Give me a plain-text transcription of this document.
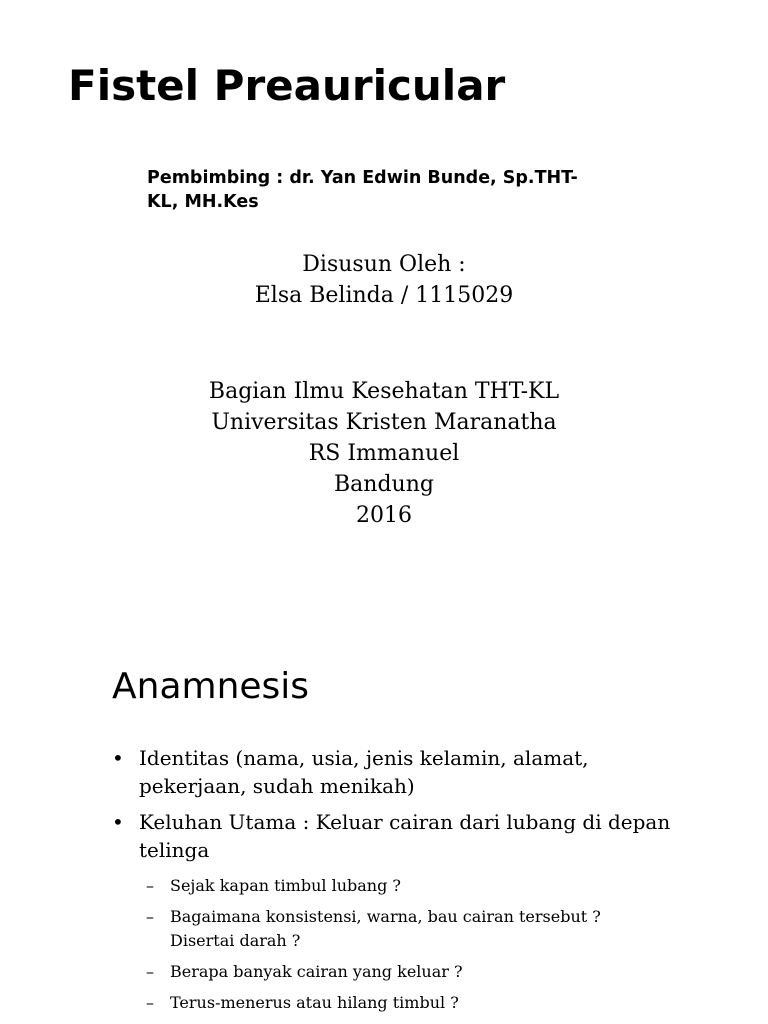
Fistel Preauricular

Pembimbing : dr. Yan Edwin Bunde, Sp.THT-
KL, MH.Kes

Disusun Oleh :
Elsa Belinda / 1115029
Bagian Ilmu Kesehatan THT-KL
Universitas Kristen Maranatha
RS Immanuel
Bandung
2016
Anamnesis
• Identitas (nama, usia, jenis kelamin, alamat,
pekerjaan, sudah menikah)
• Keluhan Utama : Keluar cairan dari lubang di depan
telinga
– Sejak kapan timbul lubang ?
– Bagaimana konsistensi, warna, bau cairan tersebut ?
Disertai darah ?
– Berapa banyak cairan yang keluar ?
– Terus-menerus atau hilang timbul ?
